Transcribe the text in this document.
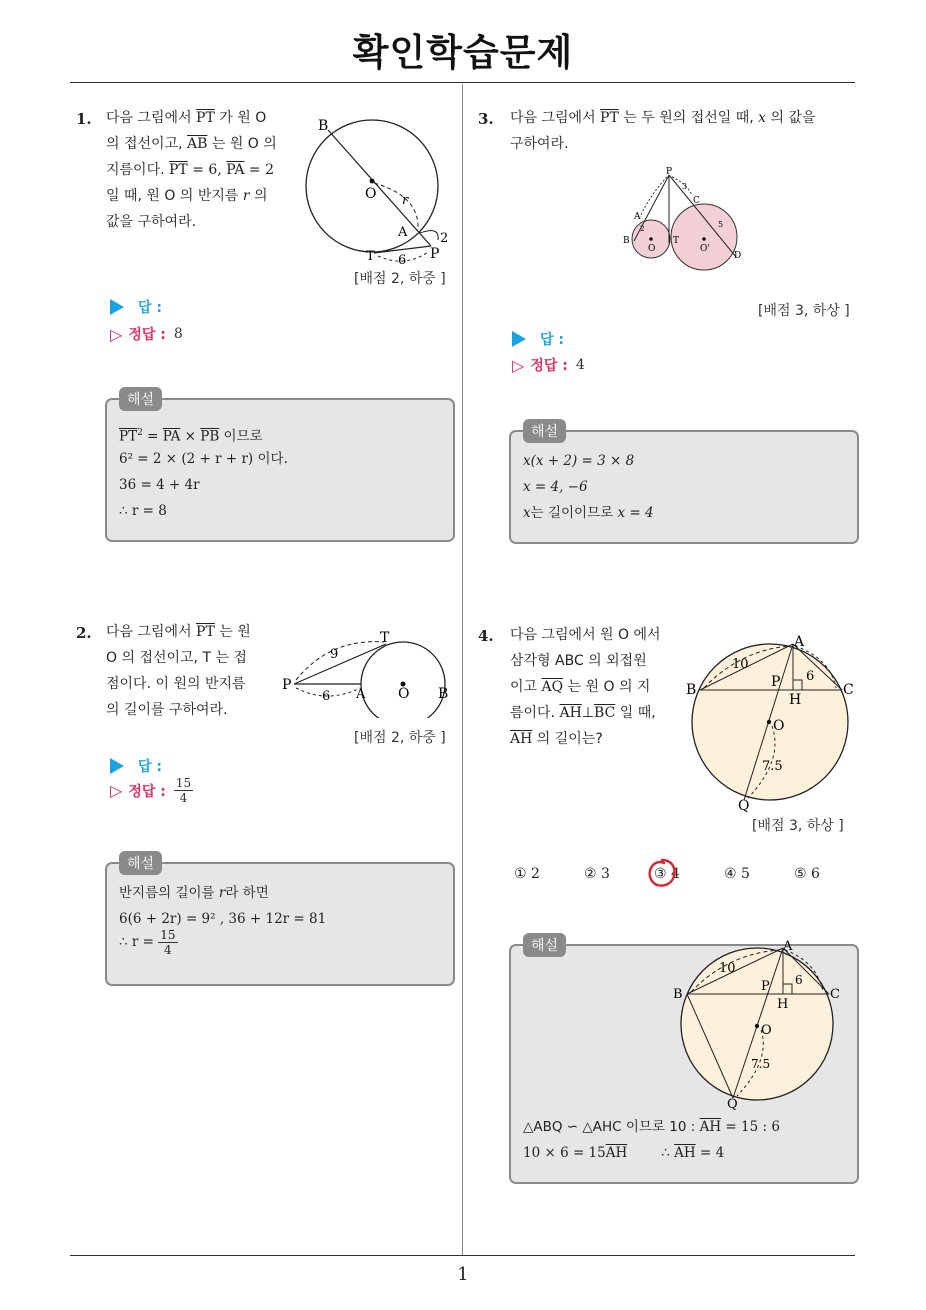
확인학습문제
1. 다음 그림에서 $\overline{PT}$ 가 원 O
의 접선이고, $\overline{AB}$ 는 원 O 의
지름이다. $\overline{PT} = 6$, $\overline{PA} = 2$
일 때, 원 O 의 반지름 r 의
값을 구하여라.
B
O r
A	2
T 6 P
[배점 2, 하중 ]
답 :
▷ 정답 : 8
해설
$\overline{PT}^2 = \overline{PA} \times \overline{PB}$ 이므로
6² = 2 × (2 + r + r) 이다.
36 = 4 + 4r
∴ r = 8
2. 다음 그림에서 $\overline{PT}$ 는 원
O 의 접선이고, T 는 접
점이다. 이 원의 반지름
의 길이를 구하여라.
T
9
P
6 A O B
[배점 2, 하중 ]
답 :
▷ 정답 : $\frac{15}{4}$
해설
반지름의 길이를 r라 하면
6(6 + 2r) = 9² , 36 + 12r = 81
∴ $r = \frac{15}{4}$
3. 다음 그림에서 $\overline{PT}$ 는 두 원의 접선일 때, x 의 값을
구하여라.
P
3
C
A
5
2
B
O
T
O'
D
[배점 3, 하상 ]
답 :
▷ 정답 : 4
해설
x(x + 2) = 3 × 8
x = 4, −6
x는 길이이므로 x = 4
4. 다음 그림에서 원 O 에서
삼각형 ABC 의 외접원
이고 $\overline{AQ}$ 는 원 O 의 지
름이다. $\overline{AH}\perp\overline{BC}$ 일 때,
$\overline{AH}$ 의 길이는?
A
10
6
B	P	C
H
O
7.5
Q
[배점 3, 하상 ]
① 2	② 3	③ 4	④ 5	⑤ 6
해설	A
10
6
B
P
C
H
O
7.5
Q
△ABQ ∽ △AHC 이므로 10 : $\overline{AH} = 15$ : 6
$10 \times 6 = 15\overline{AH}$	∴ $\overline{AH} = 4$
1
